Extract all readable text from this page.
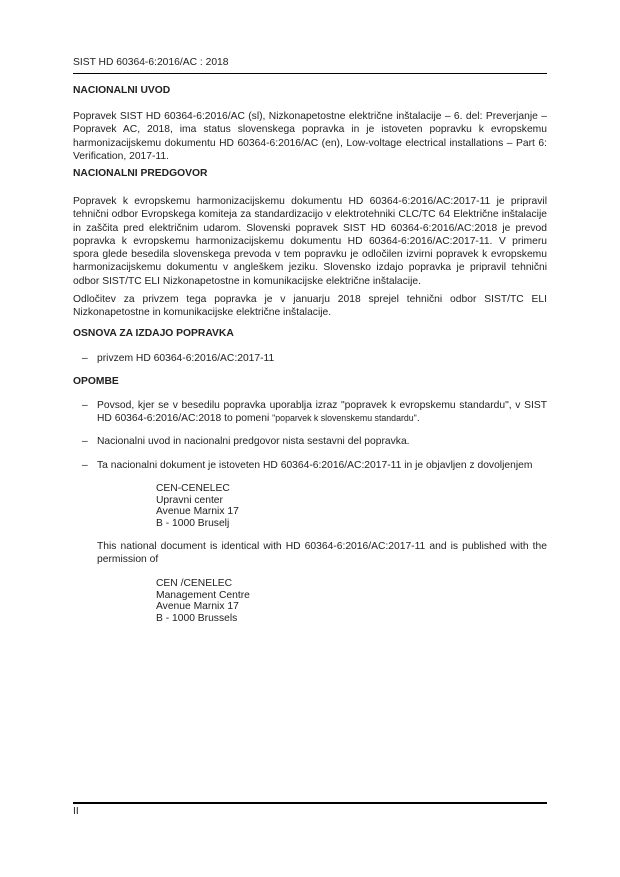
SIST HD 60364-6:2016/AC : 2018
NACIONALNI UVOD
Popravek SIST HD 60364-6:2016/AC (sl), Nizkonapetostne električne inštalacije – 6. del: Preverjanje –
Popravek AC, 2018, ima status slovenskega popravka in je istoveten popravku k evropskemu
harmonizacijskemu dokumentu HD 60364-6:2016/AC (en), Low-voltage electrical installations – Part 6:
Verification, 2017-11.
NACIONALNI PREDGOVOR
Popravek k evropskemu harmonizacijskemu dokumentu HD 60364-6:2016/AC:2017-11 je pripravil
tehnični odbor Evropskega komiteja za standardizacijo v elektrotehniki CLC/TC 64 Električne inštalacije
in zaščita pred električnim udarom. Slovenski popravek SIST HD 60364-6:2016/AC:2018 je prevod
popravka k evropskemu harmonizacijskemu dokumentu HD 60364-6:2016/AC:2017-11. V primeru
spora glede besedila slovenskega prevoda v tem popravku je odločilen izvirni popravek k evropskemu
harmonizacijskemu dokumentu v angleškem jeziku. Slovensko izdajo popravka je pripravil tehnični
odbor SIST/TC ELI Nizkonapetostne in komunikacijske električne inštalacije.
Odločitev za privzem tega popravka je v januarju 2018 sprejel tehnični odbor SIST/TC ELI
Nizkonapetostne in komunikacijske električne inštalacije.
OSNOVA ZA IZDAJO POPRAVKA
– privzem HD 60364-6:2016/AC:2017-11
OPOMBE
– Povsod, kjer se v besedilu popravka uporablja izraz "popravek k evropskemu standardu", v SIST
HD 60364-6:2016/AC:2018 to pomeni "poparvek k slovenskemu standardu".
– Nacionalni uvod in nacionalni predgovor nista sestavni del popravka.
– Ta nacionalni dokument je istoveten HD 60364-6:2016/AC:2017-11 in je objavljen z dovoljenjem
CEN-CENELEC
Upravni center
Avenue Marnix 17
B - 1000 Bruselj
This national document is identical with HD 60364-6:2016/AC:2017-11 and is published with the
permission of
CEN /CENELEC
Management Centre
Avenue Marnix 17
B - 1000 Brussels
II
